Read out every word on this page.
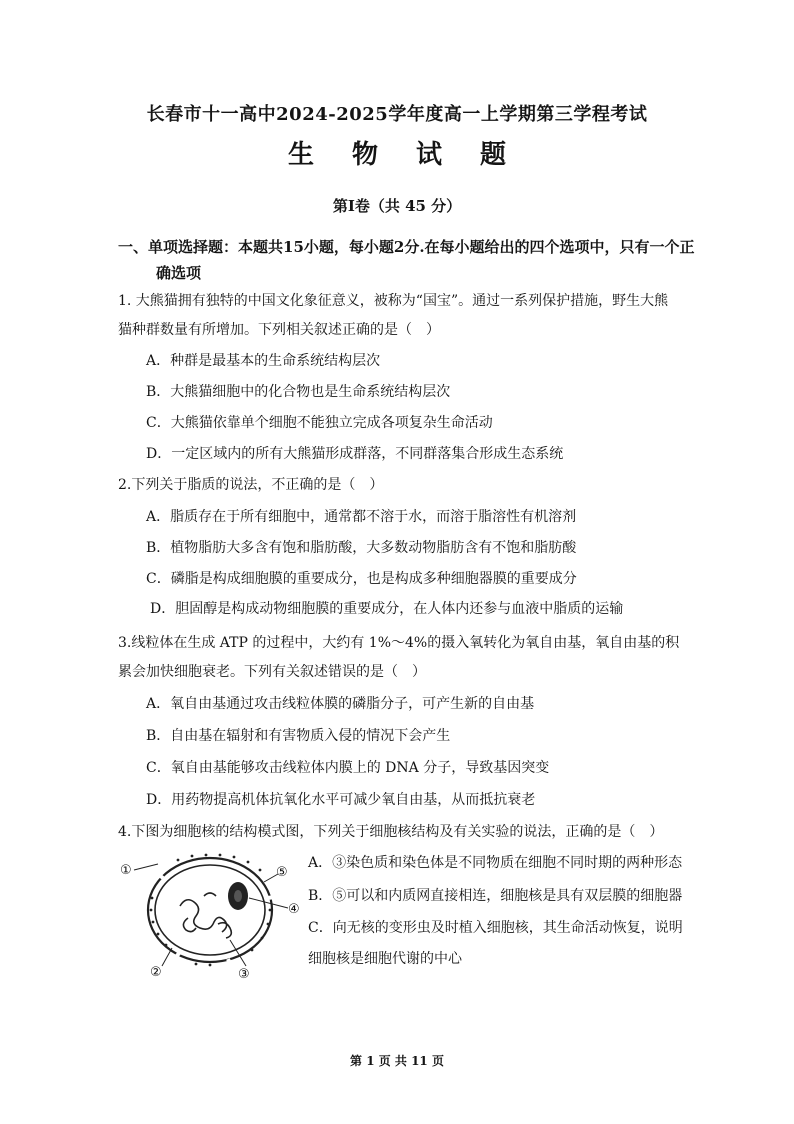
长春市十一高中2024-2025学年度高一上学期第三学程考试
生物试题
第Ⅰ卷（共 45 分）
一、单项选择题：本题共15小题，每小题2分.在每小题给出的四个选项中，只有一个正
确选项
1. 大熊猫拥有独特的中国文化象征意义，被称为“国宝”。通过一系列保护措施，野生大熊
猫种群数量有所增加。下列相关叙述正确的是（　）
A．种群是最基本的生命系统结构层次
B．大熊猫细胞中的化合物也是生命系统结构层次
C．大熊猫依靠单个细胞不能独立完成各项复杂生命活动
D．一定区域内的所有大熊猫形成群落，不同群落集合形成生态系统
2.下列关于脂质的说法，不正确的是（　）
A．脂质存在于所有细胞中，通常都不溶于水，而溶于脂溶性有机溶剂
B．植物脂肪大多含有饱和脂肪酸，大多数动物脂肪含有不饱和脂肪酸
C．磷脂是构成细胞膜的重要成分，也是构成多种细胞器膜的重要成分
D．胆固醇是构成动物细胞膜的重要成分，在人体内还参与血液中脂质的运输
3.线粒体在生成 ATP 的过程中，大约有 1%～4%的摄入氧转化为氧自由基，氧自由基的积
累会加快细胞衰老。下列有关叙述错误的是（　）
A．氧自由基通过攻击线粒体膜的磷脂分子，可产生新的自由基
B．自由基在辐射和有害物质入侵的情况下会产生
C．氧自由基能够攻击线粒体内膜上的 DNA 分子，导致基因突变
D．用药物提高机体抗氧化水平可减少氧自由基，从而抵抗衰老
4.下图为细胞核的结构模式图，下列关于细胞核结构及有关实验的说法，正确的是（　）
A．③染色质和染色体是不同物质在细胞不同时期的两种形态
B．⑤可以和内质网直接相连，细胞核是具有双层膜的细胞器
C．向无核的变形虫及时植入细胞核，其生命活动恢复，说明
细胞核是细胞代谢的中心
①
②	③
④
⑤
第 1 页 共 11 页
